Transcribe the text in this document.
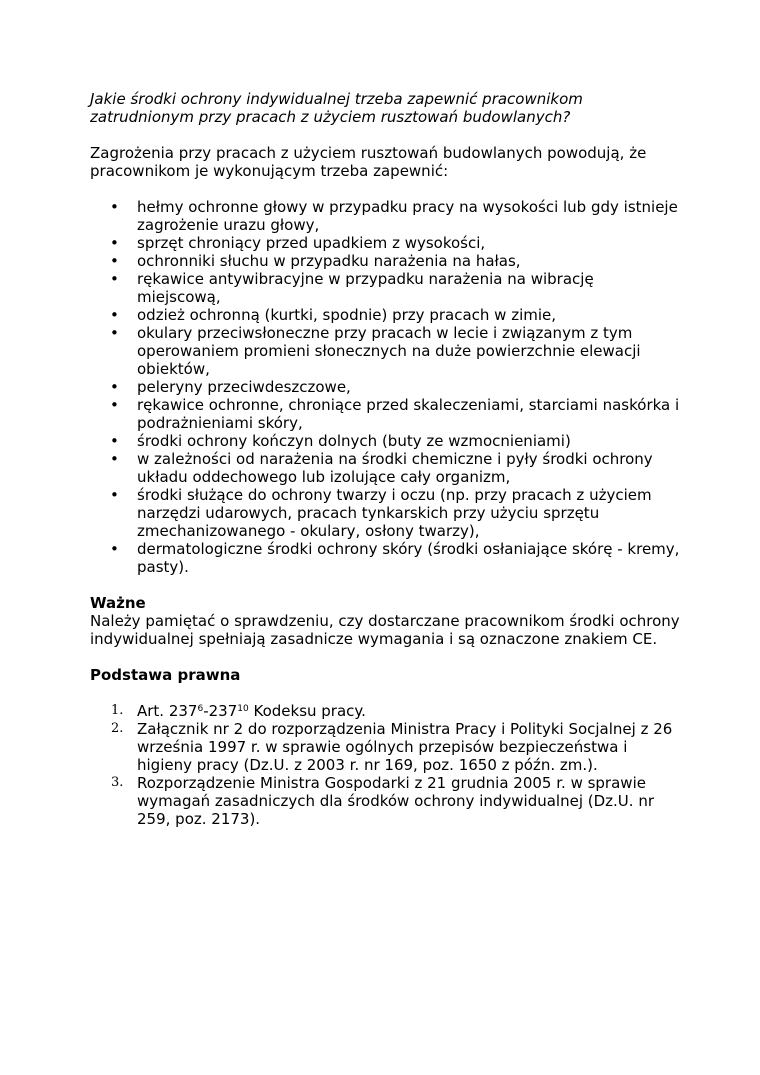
Jakie środki ochrony indywidualnej trzeba zapewnić pracownikom zatrudnionym przy pracach z użyciem rusztowań budowlanych?

Zagrożenia przy pracach z użyciem rusztowań budowlanych powodują, że pracownikom je wykonującym trzeba zapewnić:

• hełmy ochronne głowy w przypadku pracy na wysokości lub gdy istnieje zagrożenie urazu głowy,
• sprzęt chroniący przed upadkiem z wysokości,
• ochronniki słuchu w przypadku narażenia na hałas,
• rękawice antywibracyjne w przypadku narażenia na wibrację miejscową,
• odzież ochronną (kurtki, spodnie) przy pracach w zimie,
• okulary przeciwsłoneczne przy pracach w lecie i związanym z tym operowaniem promieni słonecznych na duże powierzchnie elewacji obiektów,
• peleryny przeciwdeszczowe,
• rękawice ochronne, chroniące przed skaleczeniami, starciami naskórka i podrażnieniami skóry,
• środki ochrony kończyn dolnych (buty ze wzmocnieniami)
• w zależności od narażenia na środki chemiczne i pyły środki ochrony układu oddechowego lub izolujące cały organizm,
• środki służące do ochrony twarzy i oczu (np. przy pracach z użyciem narzędzi udarowych, pracach tynkarskich przy użyciu sprzętu zmechanizowanego - okulary, osłony twarzy),
• dermatologiczne środki ochrony skóry (środki osłaniające skórę - kremy, pasty).
Ważne

Należy pamiętać o sprawdzeniu, czy dostarczane pracownikom środki ochrony indywidualnej spełniają zasadnicze wymagania i są oznaczone znakiem CE.

Podstawa prawna
1. Art. $237^6-237^{10}$ Kodeksu pracy.
2. Załącznik nr 2 do rozporządzenia Ministra Pracy i Polityki Socjalnej z 26 września 1997 r. w sprawie ogólnych przepisów bezpieczeństwa i higieny pracy (Dz.U. z 2003 r. nr 169, poz. 1650 z późn. zm.).
3. Rozporządzenie Ministra Gospodarki z 21 grudnia 2005 r. w sprawie wymagań zasadniczych dla środków ochrony indywidualnej (Dz.U. nr 259, poz. 2173).
